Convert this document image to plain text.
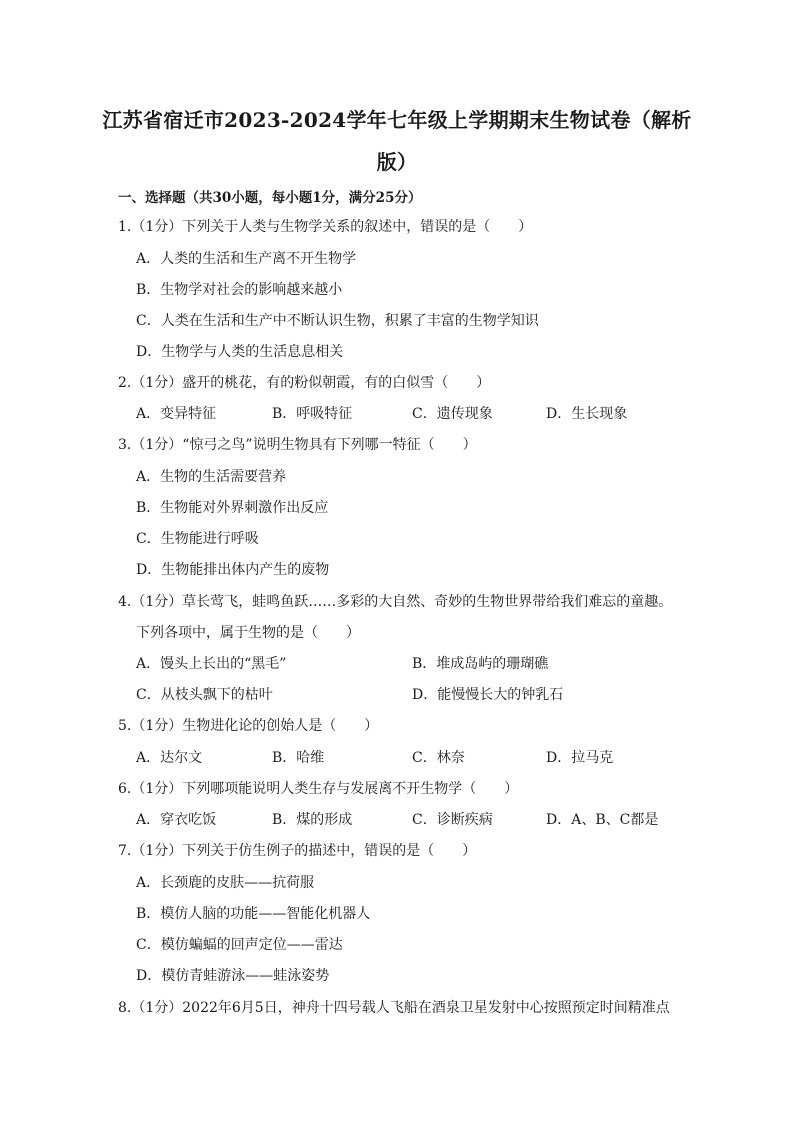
江苏省宿迁市2023-2024学年七年级上学期期末生物试卷（解析
版）
一、选择题（共30小题，每小题1分，满分25分）
1.（1分）下列关于人类与生物学关系的叙述中，错误的是（　　）
A．人类的生活和生产离不开生物学
B．生物学对社会的影响越来越小
C．人类在生活和生产中不断认识生物，积累了丰富的生物学知识
D．生物学与人类的生活息息相关
2.（1分）盛开的桃花，有的粉似朝霞，有的白似雪（　　）
A．变异特征	B．呼吸特征	C．遗传现象	D．生长现象
3.（1分）“惊弓之鸟”说明生物具有下列哪一特征（　　）
A．生物的生活需要营养
B．生物能对外界刺激作出反应
C．生物能进行呼吸
D．生物能排出体内产生的废物
4.（1分）草长莺飞，蛙鸣鱼跃……多彩的大自然、奇妙的生物世界带给我们难忘的童趣。
下列各项中，属于生物的是（　　）
A．馒头上长出的“黑毛”	B．堆成岛屿的珊瑚礁
C．从枝头飘下的枯叶	D．能慢慢长大的钟乳石
5.（1分）生物进化论的创始人是（　　）
A．达尔文	B．哈维	C．林奈	D．拉马克
6.（1分）下列哪项能说明人类生存与发展离不开生物学（　　）
A．穿衣吃饭	B．煤的形成	C．诊断疾病	D．A、B、C都是
7.（1分）下列关于仿生例子的描述中，错误的是（　　）
A．长颈鹿的皮肤——抗荷服
B．模仿人脑的功能——智能化机器人
C．模仿蝙蝠的回声定位——雷达
D．模仿青蛙游泳——蛙泳姿势
8.（1分）2022年6月5日，神舟十四号载人飞船在酒泉卫星发射中心按照预定时间精准点
